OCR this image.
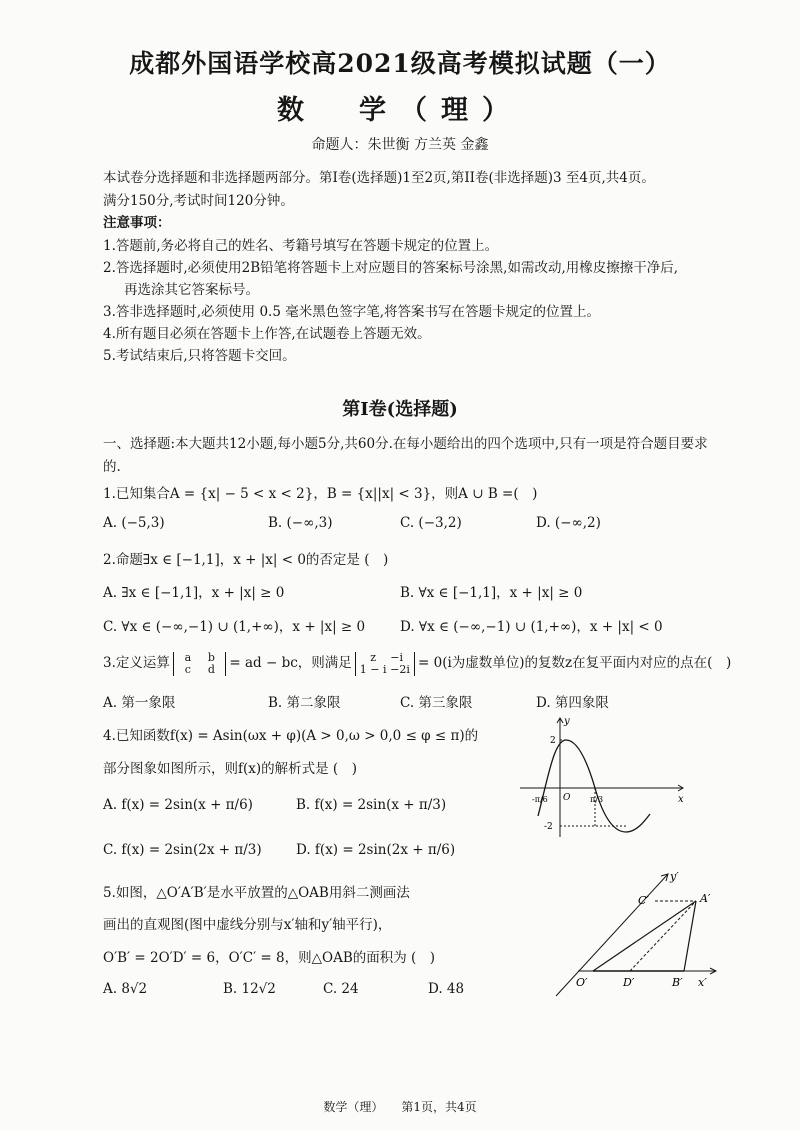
成都外国语学校高2021级高考模拟试题（一）
数　学（理）
命题人：朱世衡 方兰英 金鑫
本试卷分选择题和非选择题两部分。第Ⅰ卷(选择题)1至2页,第II卷(非选择题)3 至4页,共4页。
满分150分,考试时间120分钟。
注意事项：
1.答题前,务必将自己的姓名、考籍号填写在答题卡规定的位置上。
2.答选择题时,必须使用2B铅笔将答题卡上对应题目的答案标号涂黑,如需改动,用橡皮擦擦干净后,
再选涂其它答案标号。
3.答非选择题时,必须使用 0.5 毫米黑色签字笔,将答案书写在答题卡规定的位置上。
4.所有题目必须在答题卡上作答,在试题卷上答题无效。
5.考试结束后,只将答题卡交回。
第Ⅰ卷(选择题)
一、选择题:本大题共12小题,每小题5分,共60分.在每小题给出的四个选项中,只有一项是符合题目要求
的.
1.已知集合A = {x| − 5 < x < 2}，B = {x||x| < 3}，则A ∪ B =(　)
A. (−5,3)	B. (−∞,3)	C. (−3,2)	D. (−∞,2)
2.命题∃x ∈ [−1,1]，x + |x| < 0的否定是 (　)
A. ∃x ∈ [−1,1]，x + |x| ≥ 0	B. ∀x ∈ [−1,1]，x + |x| ≥ 0
C. ∀x ∈ (−∞,−1) ∪ (1,+∞)，x + |x| ≥ 0	D. ∀x ∈ (−∞,−1) ∪ (1,+∞)，x + |x| < 0
3.定义运算 a b
c d = ad − bc，则满足 z −i
1 − i −2i = 0(i为虚数单位)的复数z在复平面内对应的点在(　)
A. 第一象限	B. 第二象限	C. 第三象限	D. 第四象限
4.已知函数f(x) = Asin(ωx + φ)(A > 0,ω > 0,0 ≤ φ ≤ π)的
部分图象如图所示，则f(x)的解析式是 (　)
A. f(x) = 2sin(x + π/6)	B. f(x) = 2sin(x + π/3)
C. f(x) = 2sin(2x + π/3)	D. f(x) = 2sin(2x + π/6)
y
x
O
2
-2
-π/6	π/3
5.如图，△O′A′B′是水平放置的△OAB用斜二测画法
画出的直观图(图中虚线分别与x′轴和y′轴平行)，
O′B′ = 2O′D′ = 6，O′C′ = 8，则△OAB的面积为 (　)
A. 8√2	B. 12√2	C. 24	D. 48
y′
x′
O′
A′
B′
C′
D′
数学（理）　　第1页，共4页
